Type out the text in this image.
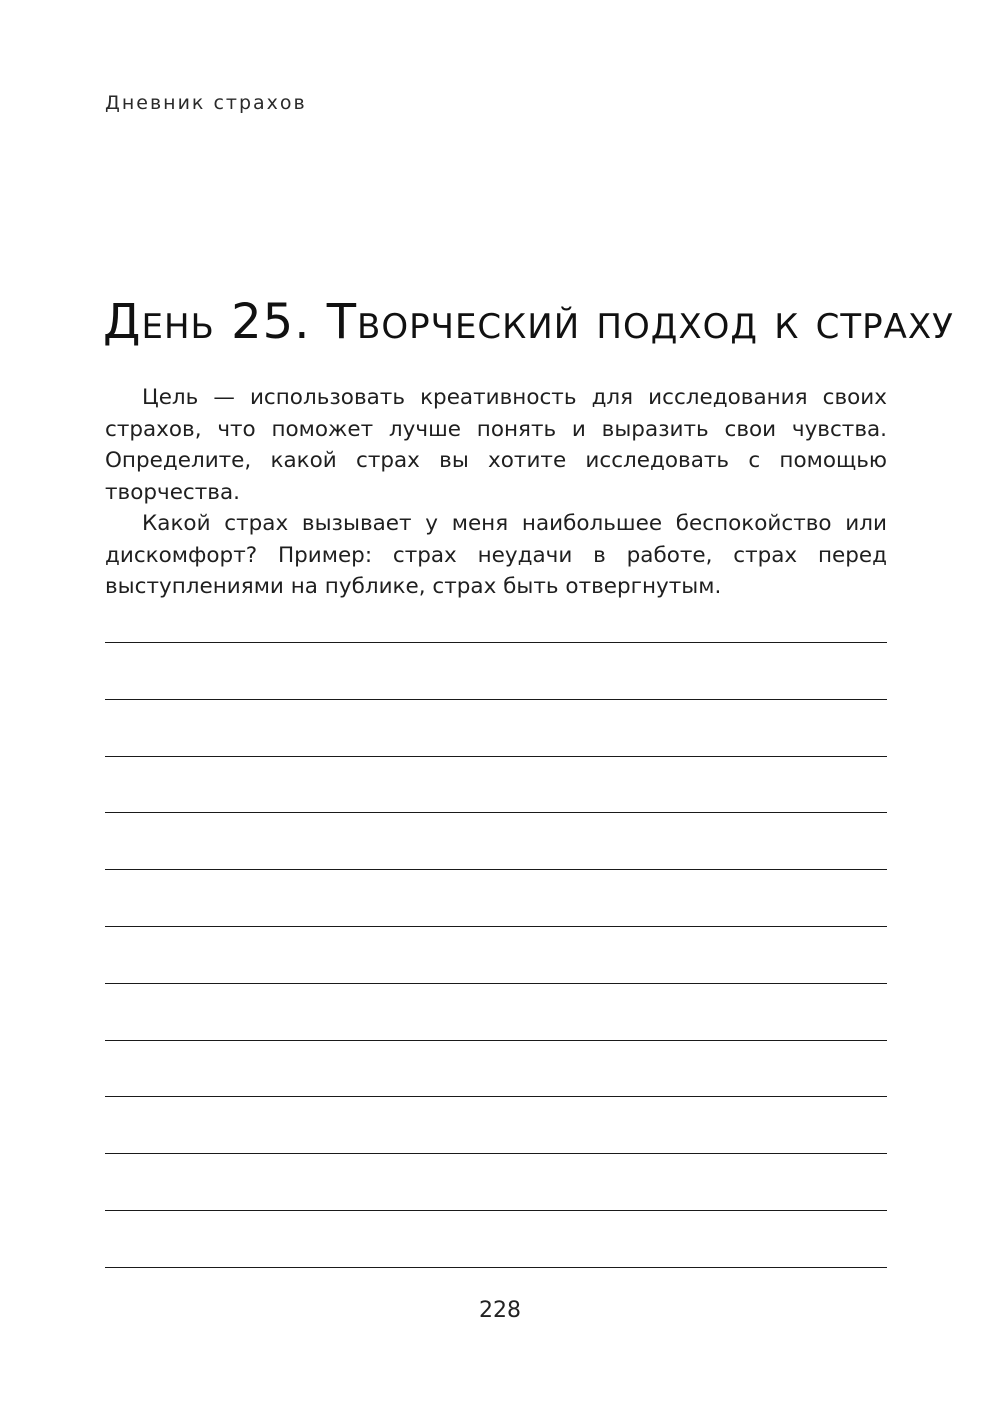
Дневник страхов
День 25. Творческий подход к страху

Цель — использовать креативность для исследования своих страхов, что поможет лучше понять и выразить свои чувства. Определите, какой страх вы хотите исследовать с помощью творчества.

Какой страх вызывает у меня наибольшее беспокойство или дискомфорт? Пример: страх неудачи в работе, страх перед выступлениями на публике, страх быть отвергнутым.

228
